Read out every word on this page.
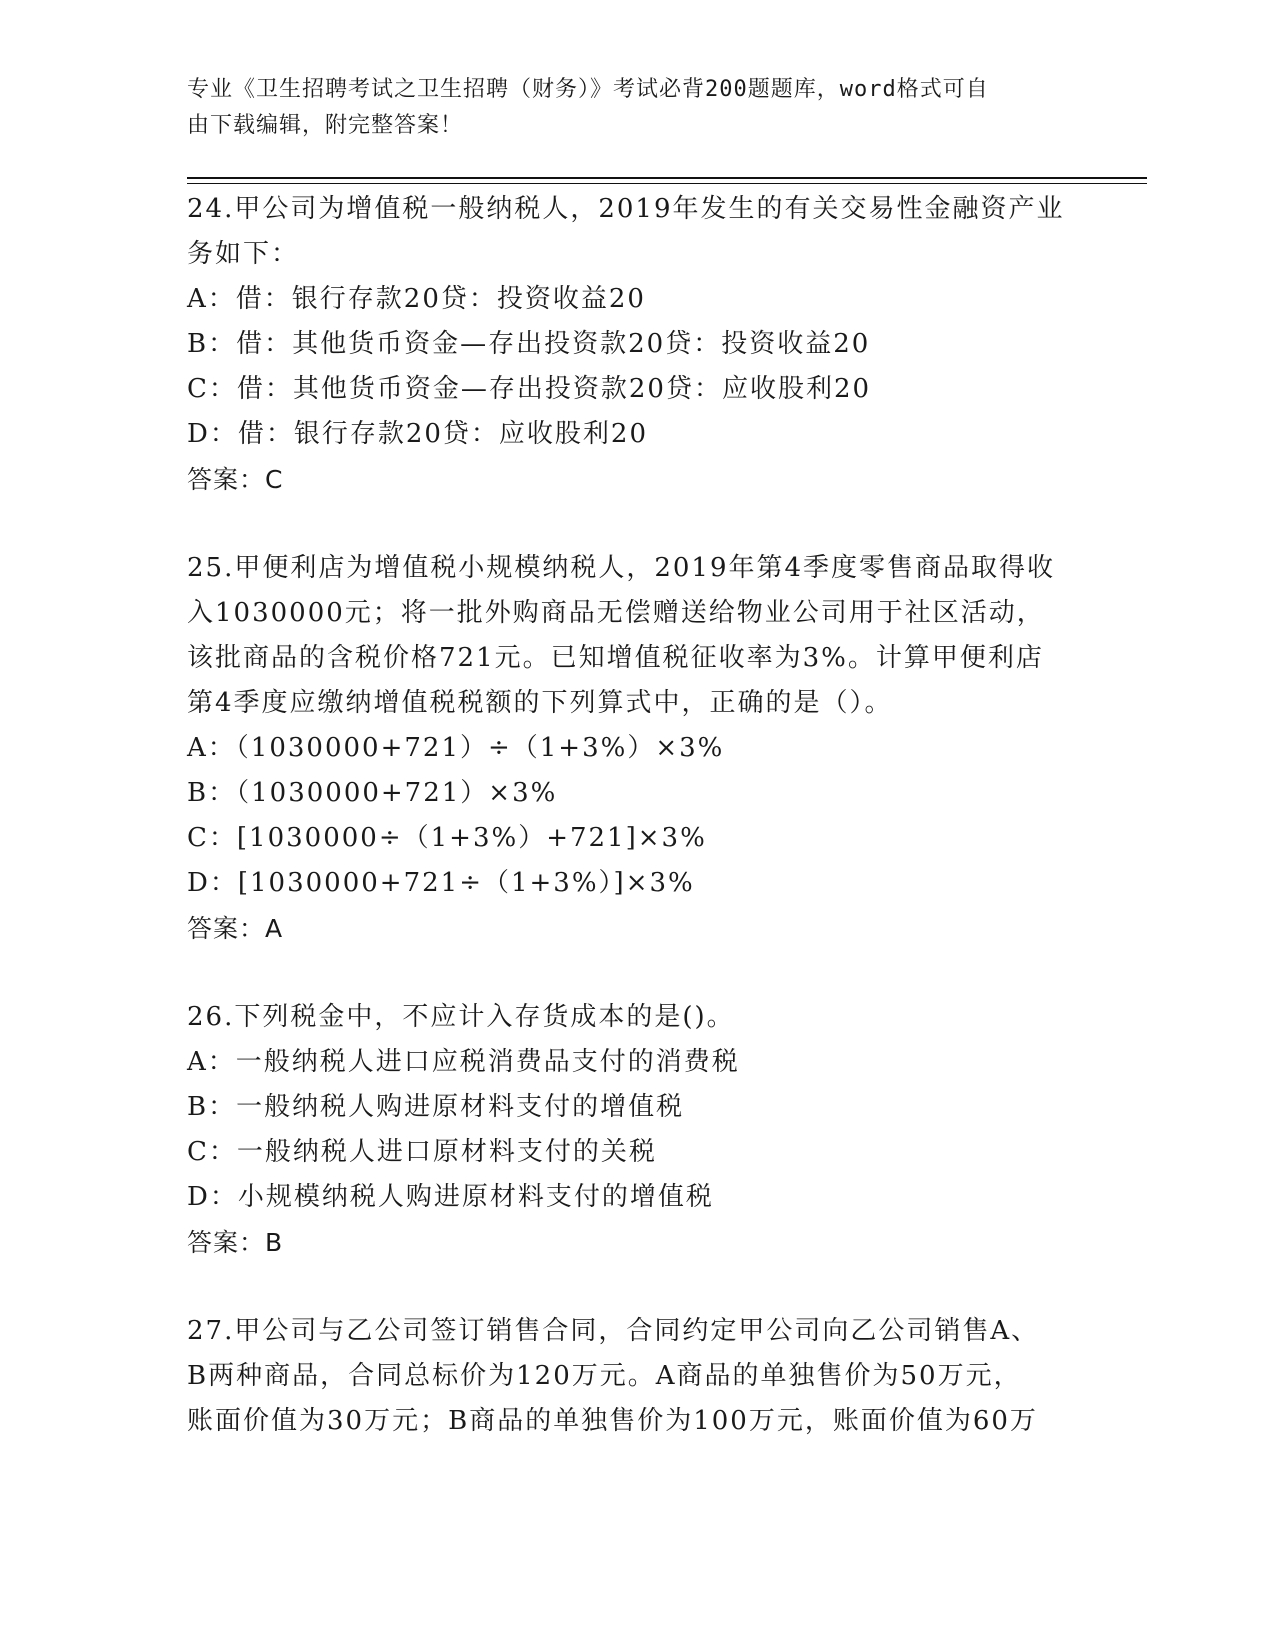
专业《卫生招聘考试之卫生招聘（财务）》考试必背200题题库，word格式可自
由下载编辑，附完整答案！
24.甲公司为增值税一般纳税人，2019年发生的有关交易性金融资产业
务如下：
A：借：银行存款20贷：投资收益20
B：借：其他货币资金—存出投资款20贷：投资收益20
C：借：其他货币资金—存出投资款20贷：应收股利20
D：借：银行存款20贷：应收股利20
答案：C
25.甲便利店为增值税小规模纳税人，2019年第4季度零售商品取得收
入1030000元；将一批外购商品无偿赠送给物业公司用于社区活动，
该批商品的含税价格721元。已知增值税征收率为3%。计算甲便利店
第4季度应缴纳增值税税额的下列算式中，正确的是（）。
A：（1030000+721）÷（1+3%）×3%
B：（1030000+721）×3%
C：[1030000÷（1+3%）+721]×3%
D：[1030000+721÷（1+3%）]×3%
答案：A
26.下列税金中，不应计入存货成本的是()。
A：一般纳税人进口应税消费品支付的消费税
B：一般纳税人购进原材料支付的增值税
C：一般纳税人进口原材料支付的关税
D：小规模纳税人购进原材料支付的增值税
答案：B
27.甲公司与乙公司签订销售合同，合同约定甲公司向乙公司销售A、
B两种商品，合同总标价为120万元。A商品的单独售价为50万元，
账面价值为30万元；B商品的单独售价为100万元，账面价值为60万
